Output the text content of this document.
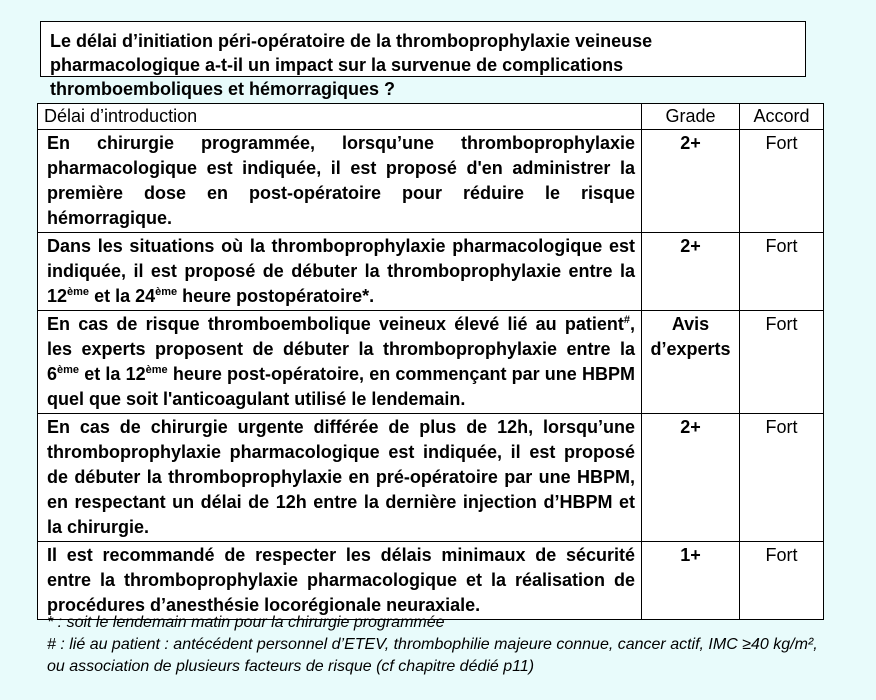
Le délai d’initiation péri-opératoire de la thromboprophylaxie veineuse pharmacologique a-t-il un impact sur la survenue de complications thromboemboliques et hémorragiques ?
Délai d’introduction	Grade	Accord
En chirurgie programmée, lorsqu’une thromboprophylaxie pharmacologique est indiquée, il est proposé d'en administrer la première dose en post-opératoire pour réduire le risque hémorragique.	2+	Fort
Dans les situations où la thromboprophylaxie pharmacologique est indiquée, il est proposé de débuter la thromboprophylaxie entre la 12ème et la 24ème heure postopératoire*.	2+	Fort
En cas de risque thromboembolique veineux élevé lié au patient#, les experts proposent de débuter la thromboprophylaxie entre la 6ème et la 12ème heure post-opératoire, en commençant par une HBPM quel que soit l'anticoagulant utilisé le lendemain.	Avis d’experts	Fort
En cas de chirurgie urgente différée de plus de 12h, lorsqu’une thromboprophylaxie pharmacologique est indiquée, il est proposé de débuter la thromboprophylaxie en pré-opératoire par une HBPM, en respectant un délai de 12h entre la dernière injection d’HBPM et la chirurgie.	2+	Fort
Il est recommandé de respecter les délais minimaux de sécurité entre la thromboprophylaxie pharmacologique et la réalisation de procédures d’anesthésie locorégionale neuraxiale.	1+	Fort
* : soit le lendemain matin pour la chirurgie programmée
# : lié au patient : antécédent personnel d’ETEV, thrombophilie majeure connue, cancer actif, IMC ≥40 kg/m², ou association de plusieurs facteurs de risque (cf chapitre dédié p11)
